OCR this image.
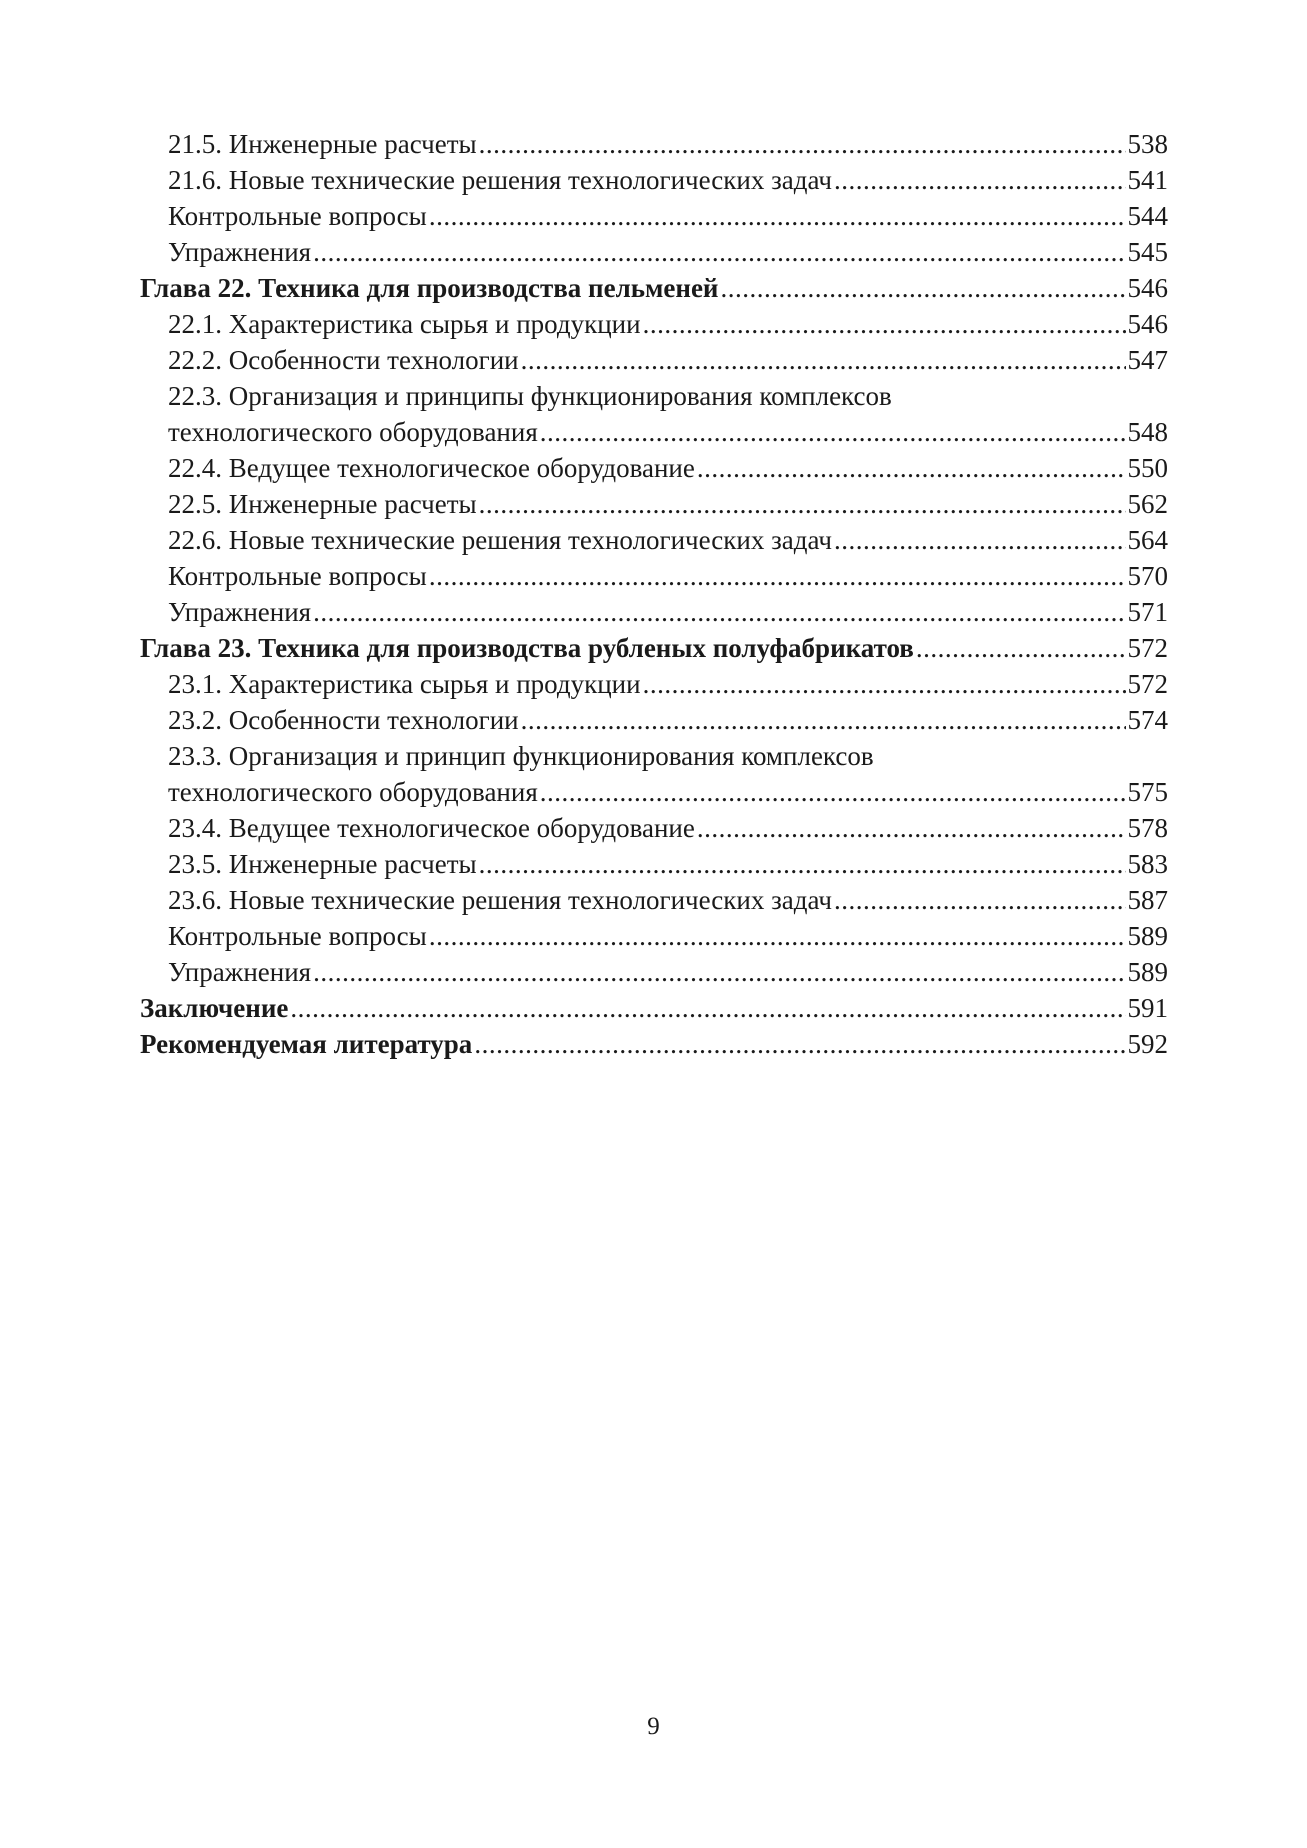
21.5. Инженерные расчеты .....	538
21.6. Новые технические решения технологических задач .....	541
Контрольные вопросы .....	544
Упражнения .....	545
Глава 22. Техника для производства пельменей .....	546
22.1. Характеристика сырья и продукции .....	546
22.2. Особенности технологии .....	547
22.3. Организация и принципы функционирования комплексов
технологического оборудования .....	548
22.4. Ведущее технологическое оборудование .....	550
22.5. Инженерные расчеты .....	562
22.6. Новые технические решения технологических задач .....	564
Контрольные вопросы .....	570
Упражнения .....	571
Глава 23. Техника для производства рубленых полуфабрикатов .....	572
23.1. Характеристика сырья и продукции .....	572
23.2. Особенности технологии .....	574
23.3. Организация и принцип функционирования комплексов
технологического оборудования .....	575
23.4. Ведущее технологическое оборудование .....	578
23.5. Инженерные расчеты .....	583
23.6. Новые технические решения технологических задач .....	587
Контрольные вопросы .....	589
Упражнения .....	589
Заключение .....	591
Рекомендуемая литература .....	592
9
